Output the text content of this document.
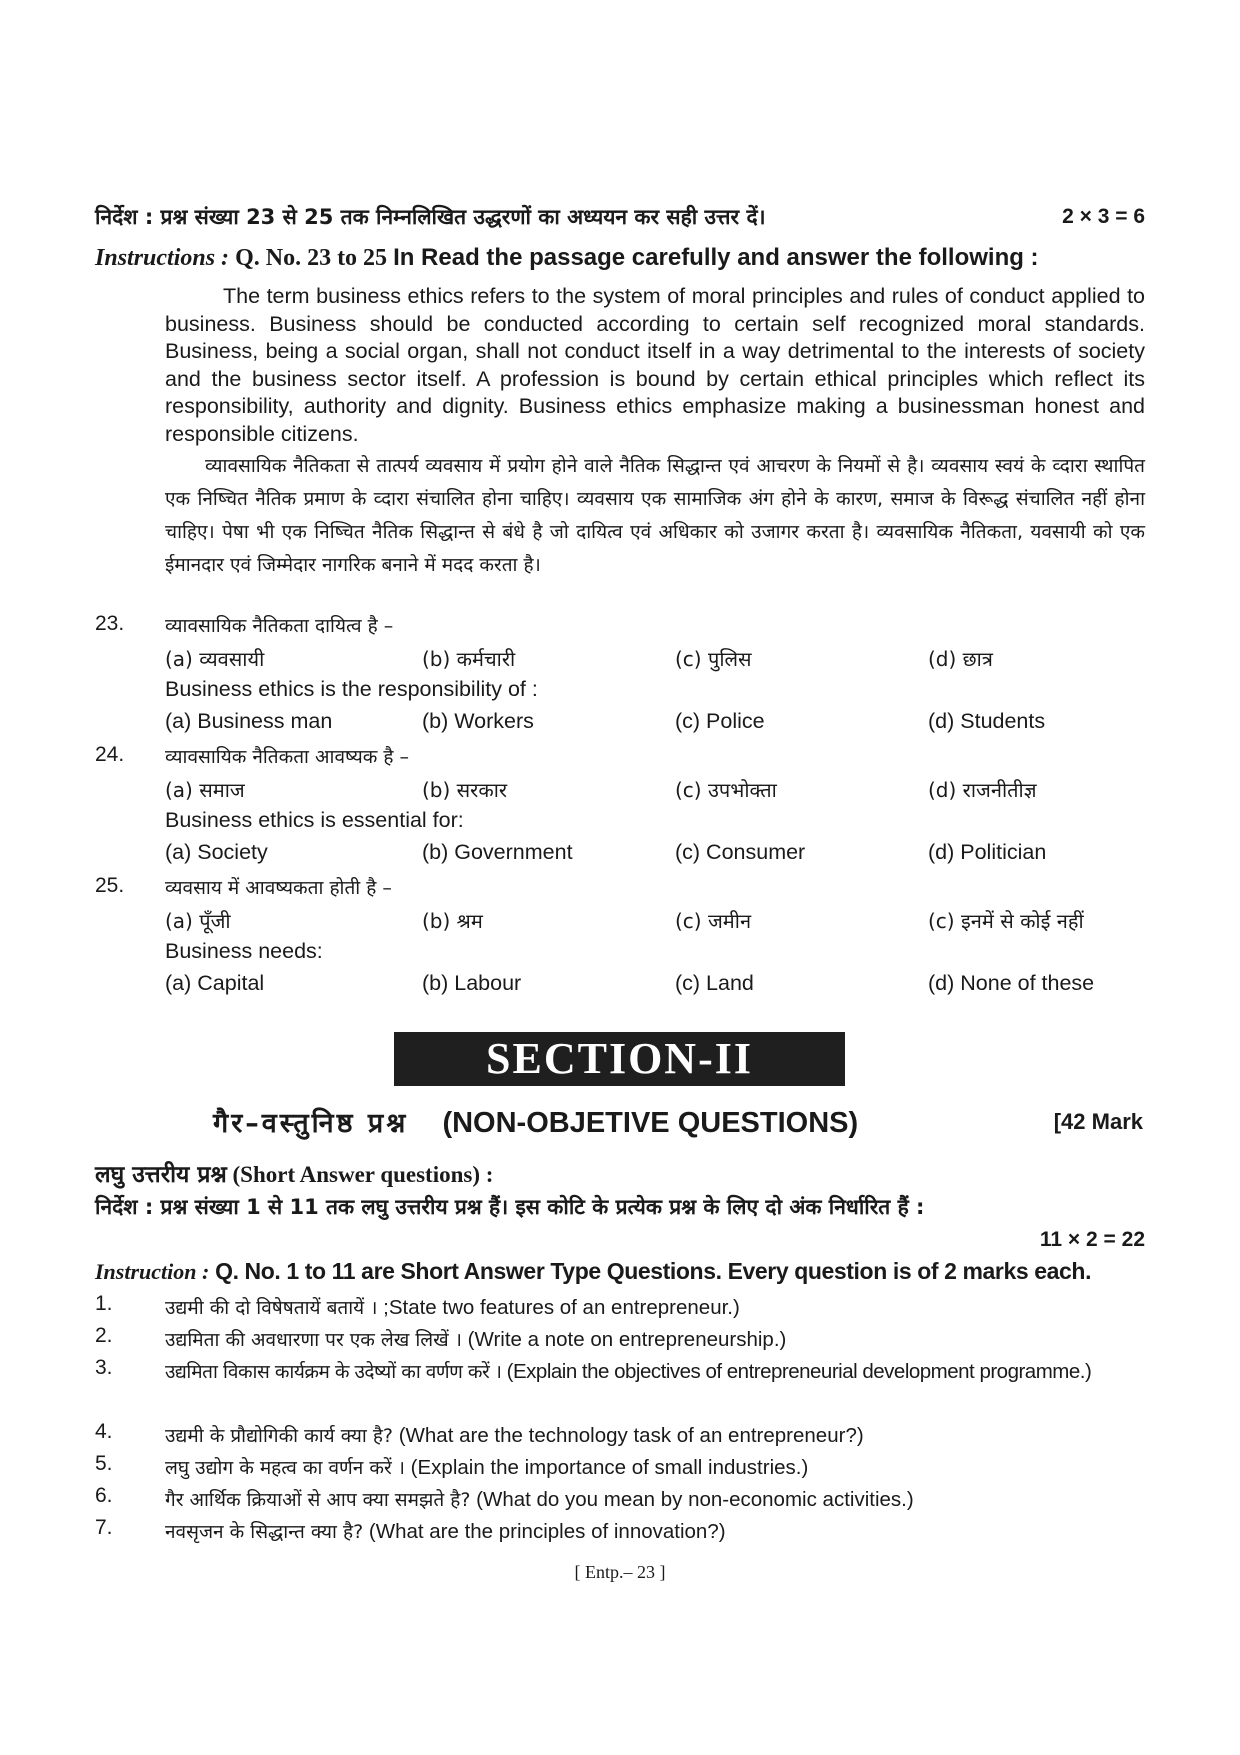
निर्देश : प्रश्न संख्या 23 से 25 तक निम्नलिखित उद्धरणों का अध्ययन कर सही उत्तर दें।	2 × 3 = 6
Instructions : Q. No. 23 to 25 In Read the passage carefully and answer the following :
The term business ethics refers to the system of moral principles and rules of conduct applied to business. Business should be conducted according to certain self recognized moral standards. Business, being a social organ, shall not conduct itself in a way detrimental to the interests of society and the business sector itself. A profession is bound by certain ethical principles which reflect its responsibility, authority and dignity. Business ethics emphasize making a businessman honest and responsible citizens.
व्यावसायिक नैतिकता से तात्पर्य व्यवसाय में प्रयोग होने वाले नैतिक सिद्धान्त एवं आचरण के नियमों से है। व्यवसाय स्वयं के व्दारा स्थापित एक निष्चित नैतिक प्रमाण के व्दारा संचालित होना चाहिए। व्यवसाय एक सामाजिक अंग होने के कारण, समाज के विरूद्ध संचालित नहीं होना चाहिए। पेषा भी एक निष्चित नैतिक सिद्धान्त से बंधे है जो दायित्व एवं अधिकार को उजागर करता है। व्यवसायिक नैतिकता, यवसायी को एक ईमानदार एवं जिम्मेदार नागरिक बनाने में मदद करता है।
23. व्यावसायिक नैतिकता दायित्व है –
(a) व्यवसायी	(b) कर्मचारी	(c) पुलिस	(d) छात्र
Business ethics is the responsibility of :
(a) Business man	(b) Workers	(c) Police	(d) Students
24. व्यावसायिक नैतिकता आवष्यक है –
(a) समाज	(b) सरकार	(c) उपभोक्ता	(d) राजनीतीज्ञ
Business ethics is essential for:
(a) Society	(b) Government	(c) Consumer	(d) Politician
25. व्यवसाय में आवष्यकता होती है –
(a) पूँजी	(b) श्रम	(c) जमीन	(c) इनमें से कोई नहीं
Business needs:
(a) Capital	(b) Labour	(c) Land	(d) None of these
SECTION-II
गैर–वस्तुनिष्ठ प्रश्न (NON-OBJETIVE QUESTIONS)	[42 Mark
लघु उत्तरीय प्रश्न (Short Answer questions) :
निर्देश : प्रश्न संख्या 1 से 11 तक लघु उत्तरीय प्रश्न हैं। इस कोटि के प्रत्येक प्रश्न के लिए दो अंक निर्धारित हैं :
11 × 2 = 22
Instruction : Q. No. 1 to 11 are Short Answer Type Questions. Every question is of 2 marks each.
1.	उद्यमी की दो विषेषतायें बतायें । ;State two features of an entrepreneur.)
2.	उद्यमिता की अवधारणा पर एक लेख लिखें । (Write a note on entrepreneurship.)
3.	उद्यमिता विकास कार्यक्रम के उदेष्यों का वर्णण करें । (Explain the objectives of entrepreneurial development programme.)
4.	उद्यमी के प्रौद्योगिकी कार्य क्या है? (What are the technology task of an entrepreneur?)
5.	लघु उद्योग के महत्व का वर्णन करें । (Explain the importance of small industries.)
6.	गैर आर्थिक क्रियाओं से आप क्या समझते है? (What do you mean by non-economic activities.)
7.	नवसृजन के सिद्धान्त क्या है? (What are the principles of innovation?)
[ Entp.– 23 ]
